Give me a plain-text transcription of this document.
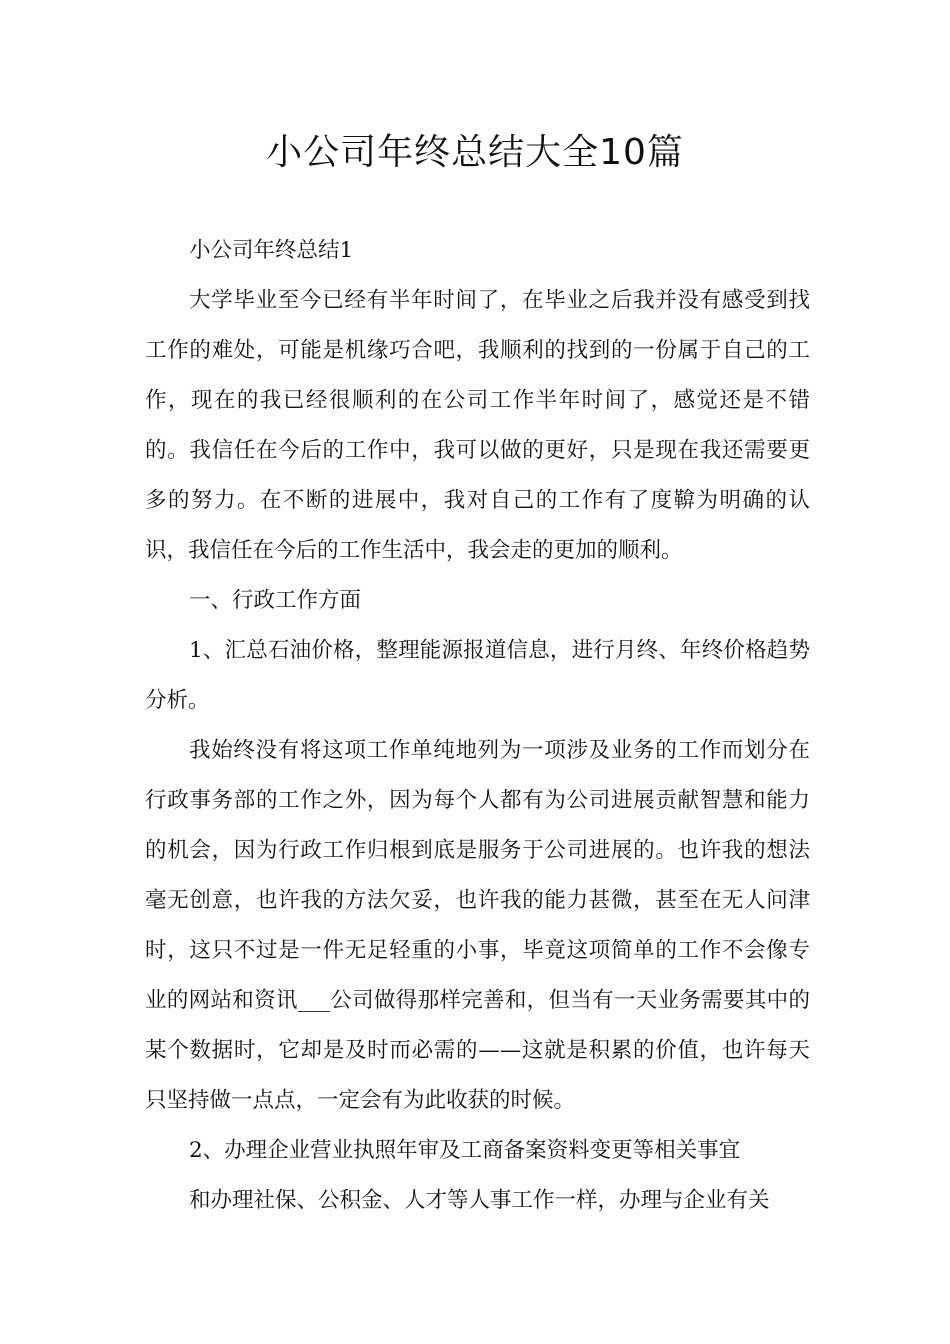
小公司年终总结大全10篇

小公司年终总结1

大学毕业至今已经有半年时间了，在毕业之后我并没有感受到找工作的难处，可能是机缘巧合吧，我顺利的找到的一份属于自己的工作，现在的我已经很顺利的在公司工作半年时间了，感觉还是不错的。我信任在今后的工作中，我可以做的更好，只是现在我还需要更多的努力。在不断的进展中，我对自己的工作有了度鞥为明确的认识，我信任在今后的工作生活中，我会走的更加的顺利。

一、行政工作方面

1、汇总石油价格，整理能源报道信息，进行月终、年终价格趋势分析。

我始终没有将这项工作单纯地列为一项涉及业务的工作而划分在行政事务部的工作之外，因为每个人都有为公司进展贡献智慧和能力的机会，因为行政工作归根到底是服务于公司进展的。也许我的想法毫无创意，也许我的方法欠妥，也许我的能力甚微，甚至在无人问津时，这只不过是一件无足轻重的小事，毕竟这项简单的工作不会像专业的网站和资讯___公司做得那样完善和，但当有一天业务需要其中的某个数据时，它却是及时而必需的——这就是积累的价值，也许每天只坚持做一点点，一定会有为此收获的时候。

2、办理企业营业执照年审及工商备案资料变更等相关事宜

和办理社保、公积金、人才等人事工作一样，办理与企业有关
